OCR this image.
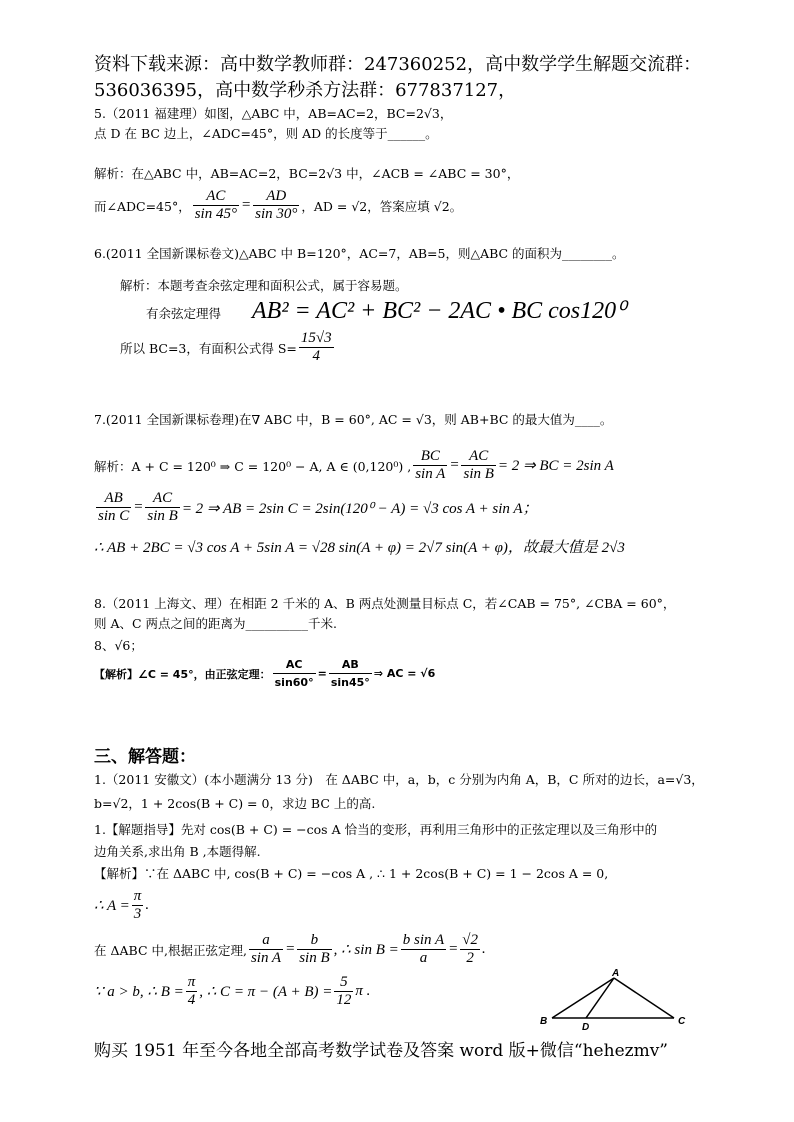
资料下载来源：高中数学教师群：247360252，高中数学学生解题交流群：
536036395，高中数学秒杀方法群：677837127，
5.（2011 福建理）如图，△ABC 中，AB=AC=2，BC=2√3，
点 D 在 BC 边上，∠ADC=45°，则 AD 的长度等于______。
解析：在△ABC 中，AB=AC=2，BC=2√3 中，∠ACB = ∠ABC = 30°，
而∠ADC=45°， $\frac{AC}{\sin 45^\circ} = \frac{AD}{\sin 30^\circ}$ ，AD = √2，答案应填 √2。
6.(2011 全国新课标卷文)△ABC 中 B=120°，AC=7，AB=5，则△ABC 的面积为________。
解析：本题考查余弦定理和面积公式，属于容易题。
有余弦定理得 AB² = AC² + BC² − 2AC • BC cos120⁰
所以 BC=3，有面积公式得 $S= \frac{15√3}{4}$
7.(2011 全国新课标卷理)在∇ ABC 中，B = 60°, AC = √3，则 AB+BC 的最大值为____。
解析：A + C = 120⁰ ⇒ C = 120⁰ − A, A ∈ (0,120⁰) , $\frac{BC}{\text{sin A}} = \frac{AC}{\text{sin B}} = 2$ ⇒ BC = 2sin A
$\frac{AB}{\text{sin C}} = \frac{AC}{\text{sin B}} = 2$ ⇒ AB = 2sin C = 2sin(120⁰ − A) = √3 cos A + sin A；
∴ AB + 2BC = √3 cos A + 5sin A = √28 sin(A + φ) = 2√7 sin(A + φ)，故最大值是 2√3
8.（2011 上海文、理）在相距 2 千米的 A、B 两点处测量目标点 C，若∠CAB = 75°, ∠CBA = 60°，
则 A、C 两点之间的距离为__________千米.
8、√6；
【解析】∠C = 45°，由正弦定理： $\frac{AC}{\sin 60^\circ} = \frac{AB}{\sin 45^\circ}$ ⇒ AC = √6
三、解答题：
1.（2011 安徽文）(本小题满分 13 分)　在 ΔABC 中，a，b，c 分别为内角 A，B，C 所对的边长，a=√3，
b=√2，1 + 2cos(B + C) = 0，求边 BC 上的高.
1.【解题指导】先对 cos(B + C) = −cos A 恰当的变形，再利用三角形中的正弦定理以及三角形中的
边角关系,求出角 B ,本题得解.
【解析】∵在 ΔABC 中, cos(B + C) = −cos A , ∴ 1 + 2cos(B + C) = 1 − 2cos A = 0,
∴ $A = \frac{\pi}{3}$ .
在 ΔABC 中,根据正弦定理, $\frac{a}{\text{sin A}} = \frac{b}{\text{sin B}}$ , ∴ $\sin B = \frac{\text{b sin A}}{a} = \frac{√2}{2}$ .
∵ a > b, ∴ $B = \frac{\pi}{4}$ , ∴ $C = \pi - (A + B) = \frac{5}{12}$ π .
A
B	C
D
购买 1951 年至今各地全部高考数学试卷及答案 word 版+微信“hehezmv”
